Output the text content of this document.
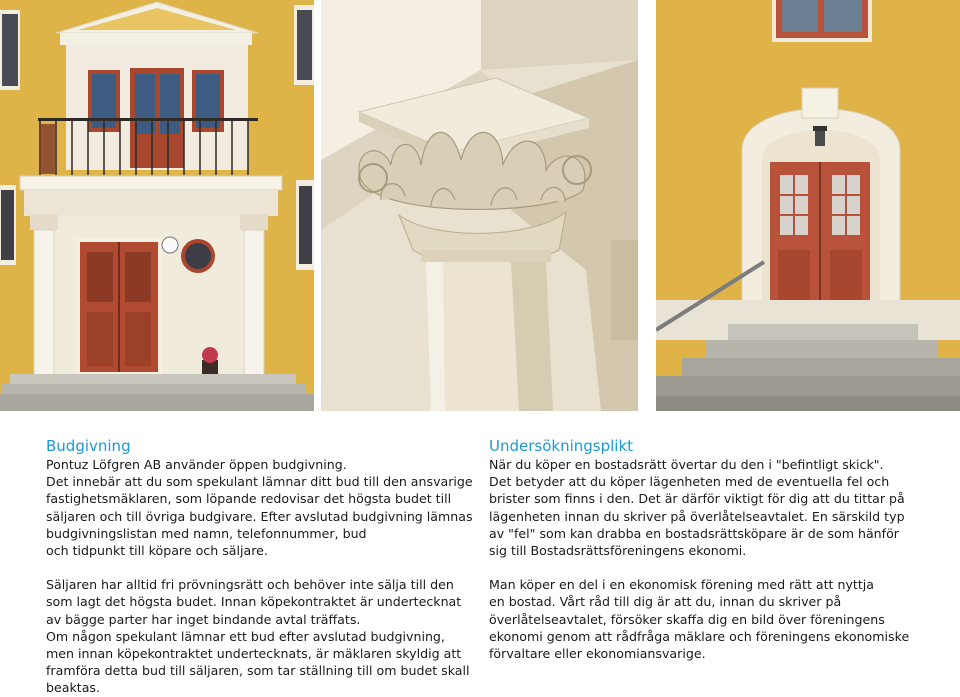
Budgivning

Pontuz Löfgren AB använder öppen budgivning.
Det innebär att du som spekulant lämnar ditt bud till den ansvarige
fastighetsmäklaren, som löpande redovisar det högsta budet till
säljaren och till övriga budgivare. Efter avslutad budgivning lämnas
budgivningslistan med namn, telefonnummer, bud
och tidpunkt till köpare och säljare.

Säljaren har alltid fri prövningsrätt och behöver inte sälja till den
som lagt det högsta budet. Innan köpekontraktet är undertecknat
av bägge parter har inget bindande avtal träffats.
Om någon spekulant lämnar ett bud efter avslutad budgivning,
men innan köpekontraktet undertecknats, är mäklaren skyldig att
framföra detta bud till säljaren, som tar ställning till om budet skall
beaktas.

Undersökningsplikt

När du köper en bostadsrätt övertar du den i "befintligt skick".
Det betyder att du köper lägenheten med de eventuella fel och
brister som finns i den. Det är därför viktigt för dig att du tittar på
lägenheten innan du skriver på överlåtelseavtalet. En särskild typ
av "fel" som kan drabba en bostadsrättsköpare är de som hänför
sig till Bostadsrättsföreningens ekonomi.

Man köper en del i en ekonomisk förening med rätt att nyttja
en bostad. Vårt råd till dig är att du, innan du skriver på
överlåtelseavtalet, försöker skaffa dig en bild över föreningens
ekonomi genom att rådfråga mäklare och föreningens ekonomiske
förvaltare eller ekonomiansvarige.
